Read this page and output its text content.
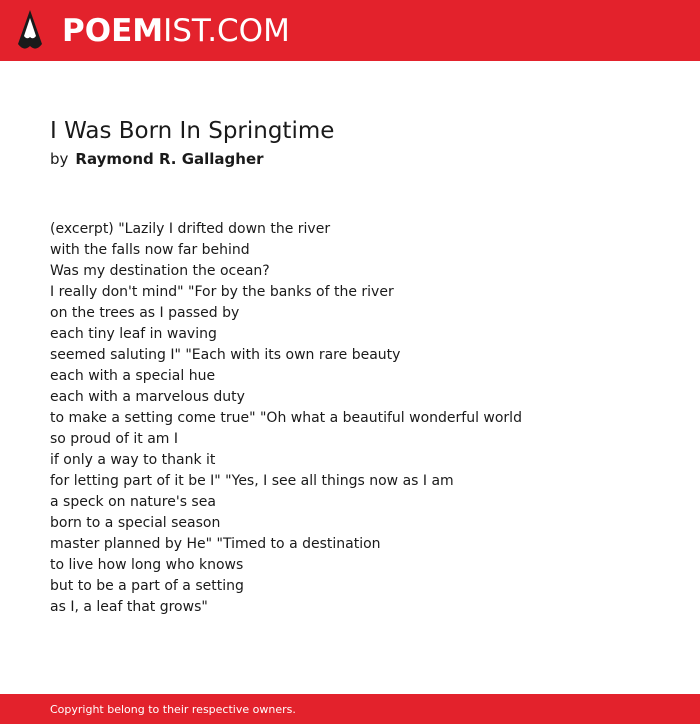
POEMIST.COM
I Was Born In Springtime
by Raymond R. Gallagher
(excerpt) "Lazily I drifted down the river
with the falls now far behind
Was my destination the ocean?
I really don't mind" "For by the banks of the river
on the trees as I passed by
each tiny leaf in waving
seemed saluting I" "Each with its own rare beauty
each with a special hue
each with a marvelous duty
to make a setting come true" "Oh what a beautiful wonderful world
so proud of it am I
if only a way to thank it
for letting part of it be I" "Yes, I see all things now as I am
a speck on nature's sea
born to a special season
master planned by He" "Timed to a destination
to live how long who knows
but to be a part of a setting
as I, a leaf that grows"
Copyright belong to their respective owners.
